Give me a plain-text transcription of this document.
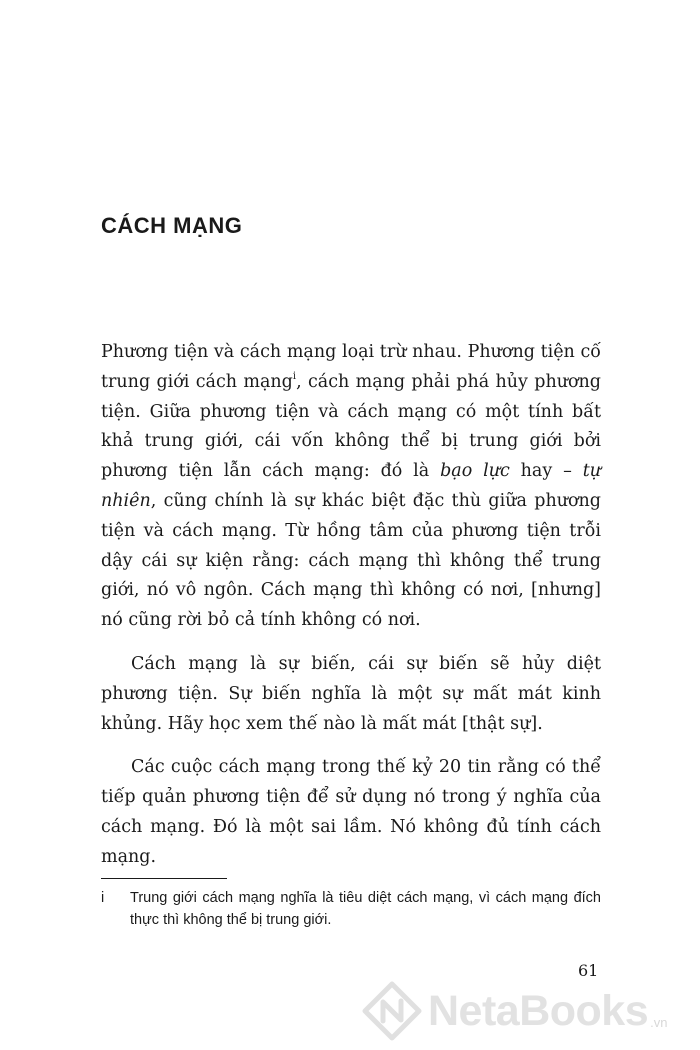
CÁCH MẠNG

Phương tiện và cách mạng loại trừ nhau. Phương tiện cố trung giới cách mạng$^i$, cách mạng phải phá hủy phương tiện. Giữa phương tiện và cách mạng có một tính bất khả trung giới, cái vốn không thể bị trung giới bởi phương tiện lẫn cách mạng: đó là bạo lực hay – tự nhiên, cũng chính là sự khác biệt đặc thù giữa phương tiện và cách mạng. Từ hồng tâm của phương tiện trỗi dậy cái sự kiện rằng: cách mạng thì không thể trung giới, nó vô ngôn. Cách mạng thì không có nơi, [nhưng] nó cũng rời bỏ cả tính không có nơi.

Cách mạng là sự biến, cái sự biến sẽ hủy diệt phương tiện. Sự biến nghĩa là một sự mất mát kinh khủng. Hãy học xem thế nào là mất mát [thật sự].

Các cuộc cách mạng trong thế kỷ 20 tin rằng có thể tiếp quản phương tiện để sử dụng nó trong ý nghĩa của cách mạng. Đó là một sai lầm. Nó không đủ tính cách mạng.

i	Trung giới cách mạng nghĩa là tiêu diệt cách mạng, vì cách mạng đích thực thì không thể bị trung giới.
61
NetaBooks .vn
